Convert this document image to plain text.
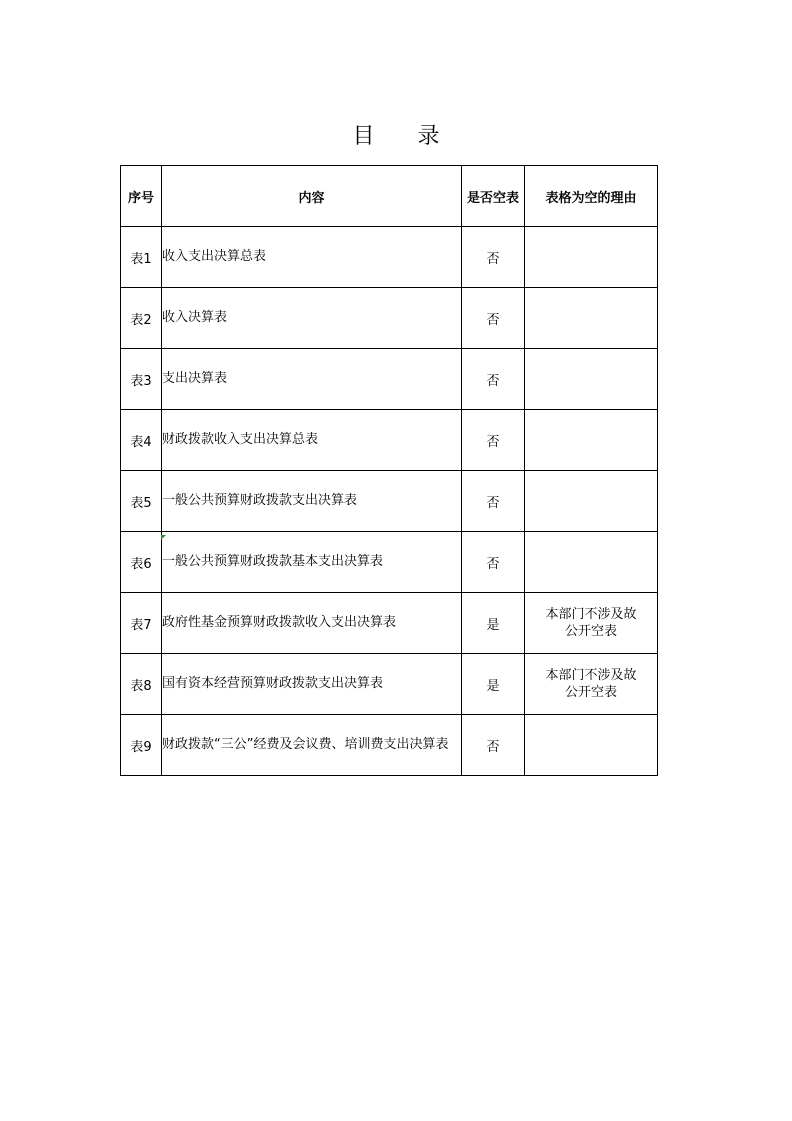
目 录
序号	内容	是否空表	表格为空的理由
表1	收入支出决算总表	否	
表2	收入决算表	否	
表3	支出决算表	否	
表4	财政拨款收入支出决算总表	否	
表5	一般公共预算财政拨款支出决算表	否	
表6	一般公共预算财政拨款基本支出决算表	否	
表7	政府性基金预算财政拨款收入支出决算表	是	本部门不涉及故公开空表
表8	国有资本经营预算财政拨款支出决算表	是	本部门不涉及故公开空表
表9	财政拨款“三公”经费及会议费、培训费支出决算表	否	
